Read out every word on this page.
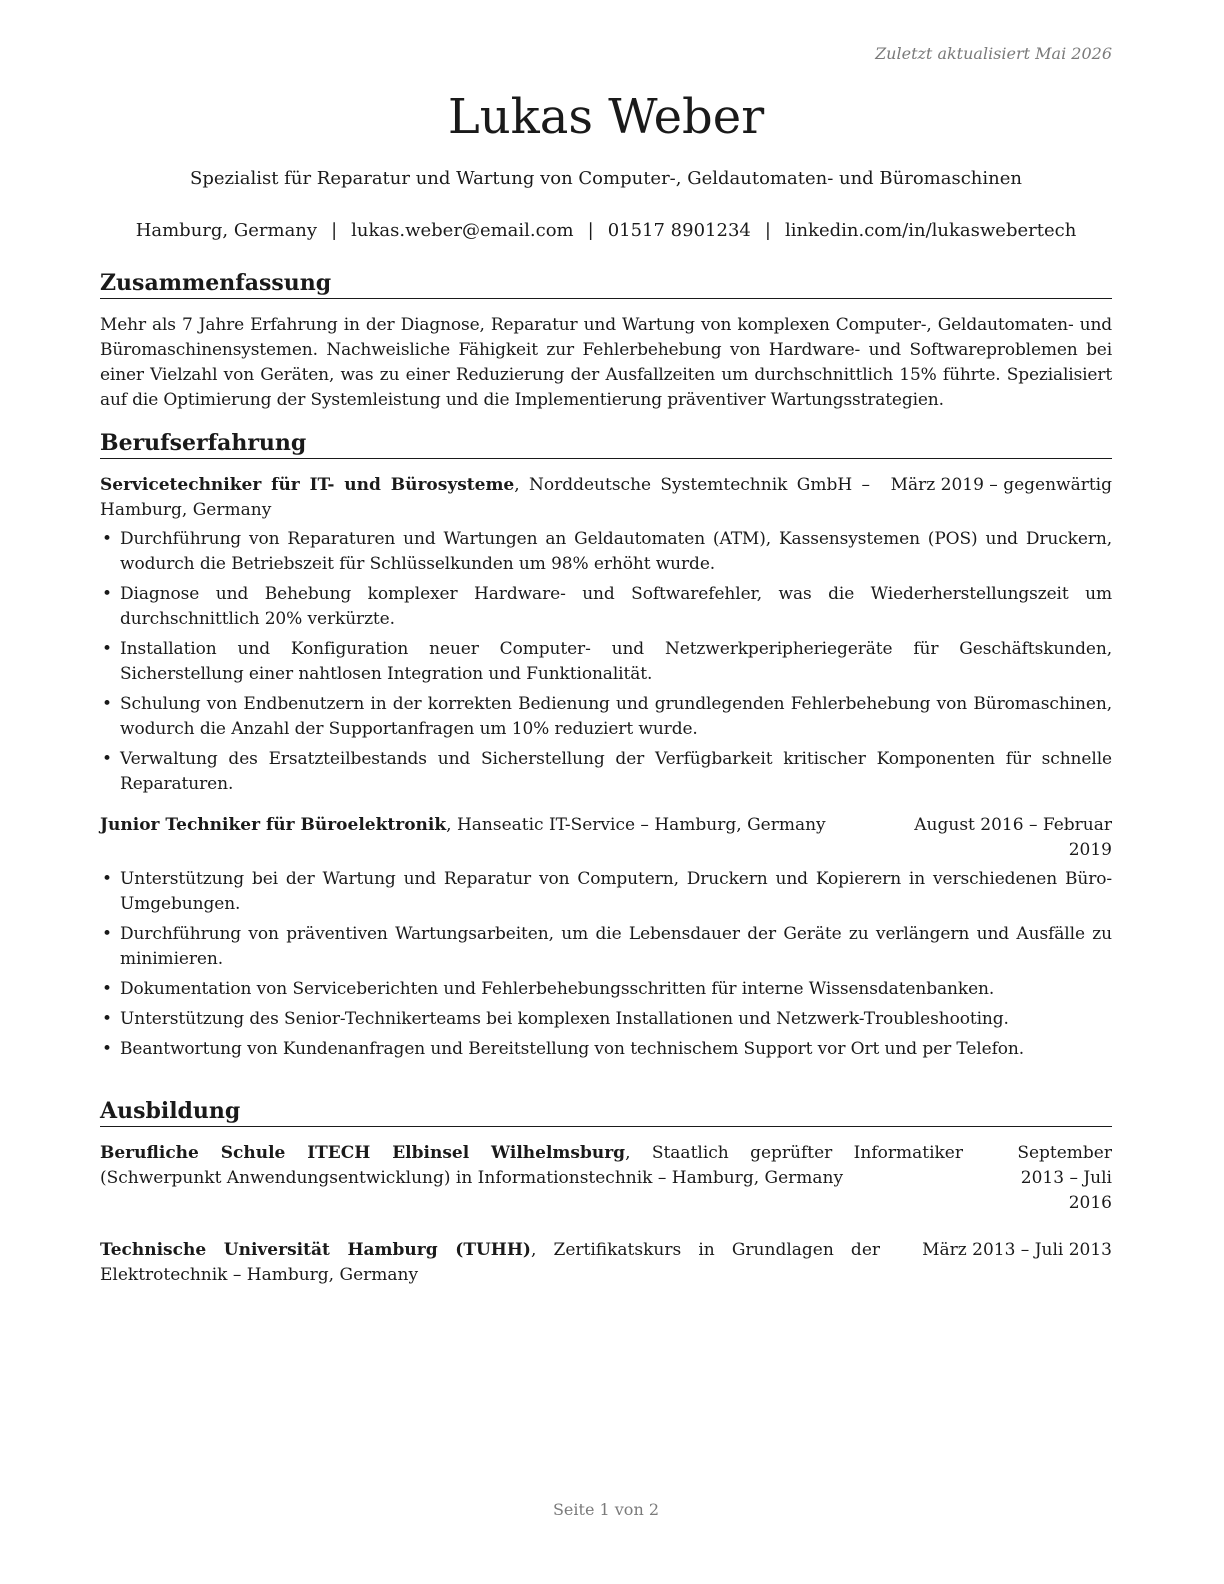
Zuletzt aktualisiert Mai 2026
Lukas Weber
Spezialist für Reparatur und Wartung von Computer-, Geldautomaten- und Büromaschinen
Hamburg, Germany | lukas.weber@email.com | 01517 8901234 | linkedin.com/in/lukaswebertech
Zusammenfassung
Mehr als 7 Jahre Erfahrung in der Diagnose, Reparatur und Wartung von komplexen Computer-, Geldautomaten- und Büromaschinensystemen. Nachweisliche Fähigkeit zur Fehlerbehebung von Hardware- und Softwareproblemen bei einer Vielzahl von Geräten, was zu einer Reduzierung der Ausfallzeiten um durchschnittlich 15% führte. Spezialisiert auf die Optimierung der Systemleistung und die Implementierung präventiver Wartungsstrategien.
Berufserfahrung
Servicetechniker für IT- und Bürosysteme, Norddeutsche Systemtechnik GmbH – Hamburg, Germany
März 2019 – gegenwärtig
• Durchführung von Reparaturen und Wartungen an Geldautomaten (ATM), Kassensystemen (POS) und Druckern, wodurch die Betriebszeit für Schlüsselkunden um 98% erhöht wurde.
• Diagnose und Behebung komplexer Hardware- und Softwarefehler, was die Wiederherstellungszeit um durchschnittlich 20% verkürzte.
• Installation und Konfiguration neuer Computer- und Netzwerkperipheriegeräte für Geschäftskunden, Sicherstellung einer nahtlosen Integration und Funktionalität.
• Schulung von Endbenutzern in der korrekten Bedienung und grundlegenden Fehlerbehebung von Büromaschinen, wodurch die Anzahl der Supportanfragen um 10% reduziert wurde.
• Verwaltung des Ersatzteilbestands und Sicherstellung der Verfügbarkeit kritischer Komponenten für schnelle Reparaturen.
Junior Techniker für Büroelektronik, Hanseatic IT-Service – Hamburg, Germany	August 2016 – Februar 2019
• Unterstützung bei der Wartung und Reparatur von Computern, Druckern und Kopierern in verschiedenen Büro-Umgebungen.
• Durchführung von präventiven Wartungsarbeiten, um die Lebensdauer der Geräte zu verlängern und Ausfälle zu minimieren.
• Dokumentation von Serviceberichten und Fehlerbehebungsschritten für interne Wissensdatenbanken.
• Unterstützung des Senior-Technikerteams bei komplexen Installationen und Netzwerk-Troubleshooting.
• Beantwortung von Kundenanfragen und Bereitstellung von technischem Support vor Ort und per Telefon.
Ausbildung
Berufliche Schule ITECH Elbinsel Wilhelmsburg, Staatlich geprüfter Informatiker (Schwerpunkt Anwendungsentwicklung) in Informationstechnik – Hamburg, Germany
September 2013 – Juli 2016
Technische Universität Hamburg (TUHH), Zertifikatskurs in Grundlagen der Elektrotechnik – Hamburg, Germany
März 2013 – Juli 2013
Seite 1 von 2
